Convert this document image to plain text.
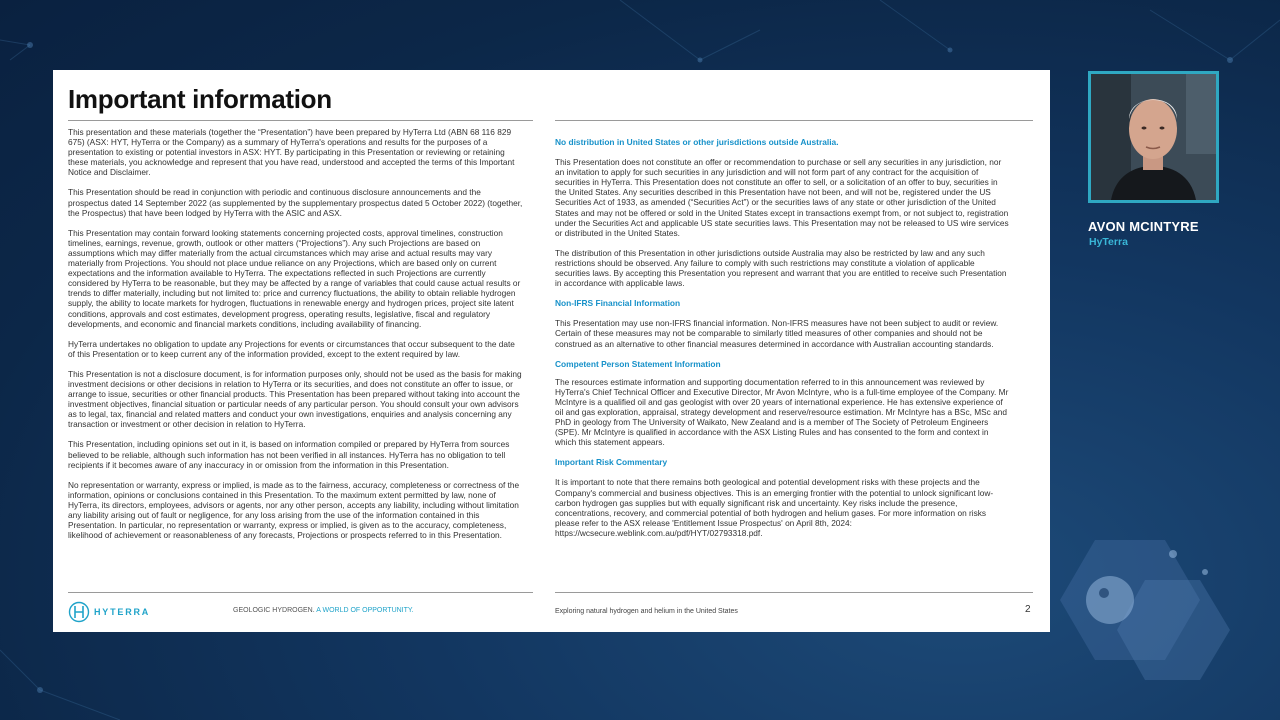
Important information

This presentation and these materials (together the “Presentation”) have been prepared by HyTerra Ltd (ABN 68 116 829 675) (ASX: HYT, HyTerra or the Company) as a summary of HyTerra's operations and results for the purposes of a presentation to existing or potential investors in ASX: HYT. By participating in this Presentation or reviewing or retaining these materials, you acknowledge and represent that you have read, understood and accepted the terms of this Important Notice and Disclaimer.

This Presentation should be read in conjunction with periodic and continuous disclosure announcements and the prospectus dated 14 September 2022 (as supplemented by the supplementary prospectus dated 5 October 2022) (together, the Prospectus) that have been lodged by HyTerra with the ASIC and ASX.

This Presentation may contain forward looking statements concerning projected costs, approval timelines, construction timelines, earnings, revenue, growth, outlook or other matters (“Projections”). Any such Projections are based on assumptions which may differ materially from the actual circumstances which may arise and actual results may vary materially from Projections. You should not place undue reliance on any Projections, which are based only on current expectations and the information available to HyTerra. The expectations reflected in such Projections are currently considered by HyTerra to be reasonable, but they may be affected by a range of variables that could cause actual results or trends to differ materially, including but not limited to: price and currency fluctuations, the ability to obtain reliable hydrogen supply, the ability to locate markets for hydrogen, fluctuations in renewable energy and hydrogen prices, project site latent conditions, approvals and cost estimates, development progress, operating results, legislative, fiscal and regulatory developments, and economic and financial markets conditions, including availability of financing.

HyTerra undertakes no obligation to update any Projections for events or circumstances that occur subsequent to the date of this Presentation or to keep current any of the information provided, except to the extent required by law.

This Presentation is not a disclosure document, is for information purposes only, should not be used as the basis for making investment decisions or other decisions in relation to HyTerra or its securities, and does not constitute an offer to issue, or arrange to issue, securities or other financial products. This Presentation has been prepared without taking into account the investment objectives, financial situation or particular needs of any particular person. You should consult your own advisors as to legal, tax, financial and related matters and conduct your own investigations, enquiries and analysis concerning any transaction or investment or other decision in relation to HyTerra.

This Presentation, including opinions set out in it, is based on information compiled or prepared by HyTerra from sources believed to be reliable, although such information has not been verified in all instances. HyTerra has no obligation to tell recipients if it becomes aware of any inaccuracy in or omission from the information in this Presentation.

No representation or warranty, express or implied, is made as to the fairness, accuracy, completeness or correctness of the information, opinions or conclusions contained in this Presentation. To the maximum extent permitted by law, none of HyTerra, its directors, employees, advisors or agents, nor any other person, accepts any liability, including without limitation any liability arising out of fault or negligence, for any loss arising from the use of the information contained in this Presentation. In particular, no representation or warranty, express or implied, is given as to the accuracy, completeness, likelihood of achievement or reasonableness of any forecasts, Projections or prospects referred to in this Presentation.

No distribution in United States or other jurisdictions outside Australia.

This Presentation does not constitute an offer or recommendation to purchase or sell any securities in any jurisdiction, nor an invitation to apply for such securities in any jurisdiction and will not form part of any contract for the acquisition of securities in HyTerra. This Presentation does not constitute an offer to sell, or a solicitation of an offer to buy, securities in the United States. Any securities described in this Presentation have not been, and will not be, registered under the US Securities Act of 1933, as amended (“Securities Act”) or the securities laws of any state or other jurisdiction of the United States and may not be offered or sold in the United States except in transactions exempt from, or not subject to, registration under the Securities Act and applicable US state securities laws. This Presentation may not be released to US wire services or distributed in the United States.

The distribution of this Presentation in other jurisdictions outside Australia may also be restricted by law and any such restrictions should be observed. Any failure to comply with such restrictions may constitute a violation of applicable securities laws. By accepting this Presentation you represent and warrant that you are entitled to receive such Presentation in accordance with applicable laws.

Non-IFRS Financial Information

This Presentation may use non-IFRS financial information. Non-IFRS measures have not been subject to audit or review. Certain of these measures may not be comparable to similarly titled measures of other companies and should not be construed as an alternative to other financial measures determined in accordance with Australian accounting standards.

Competent Person Statement Information

The resources estimate information and supporting documentation referred to in this announcement was reviewed by HyTerra's Chief Technical Officer and Executive Director, Mr Avon McIntyre, who is a full-time employee of the Company. Mr McIntyre is a qualified oil and gas geologist with over 20 years of international experience. He has extensive experience of oil and gas exploration, appraisal, strategy development and reserve/resource estimation. Mr McIntyre has a BSc, MSc and PhD in geology from The University of Waikato, New Zealand and is a member of The Society of Petroleum Engineers (SPE). Mr McIntyre is qualified in accordance with the ASX Listing Rules and has consented to the form and context in which this statement appears.

Important Risk Commentary

It is important to note that there remains both geological and potential development risks with these projects and the Company's commercial and business objectives. This is an emerging frontier with the potential to unlock significant low-carbon hydrogen gas supplies but with equally significant risk and uncertainty. Key risks include the presence, concentrations, recovery, and commercial potential of both hydrogen and helium gases. For more information on risks please refer to the ASX release 'Entitlement Issue Prospectus' on April 8th, 2024: https://wcsecure.weblink.com.au/pdf/HYT/02793318.pdf.

HYTERRA	GEOLOGIC HYDROGEN. A WORLD OF OPPORTUNITY.	Exploring natural hydrogen and helium in the United States	2
AVON MCINTYRE
HyTerra
